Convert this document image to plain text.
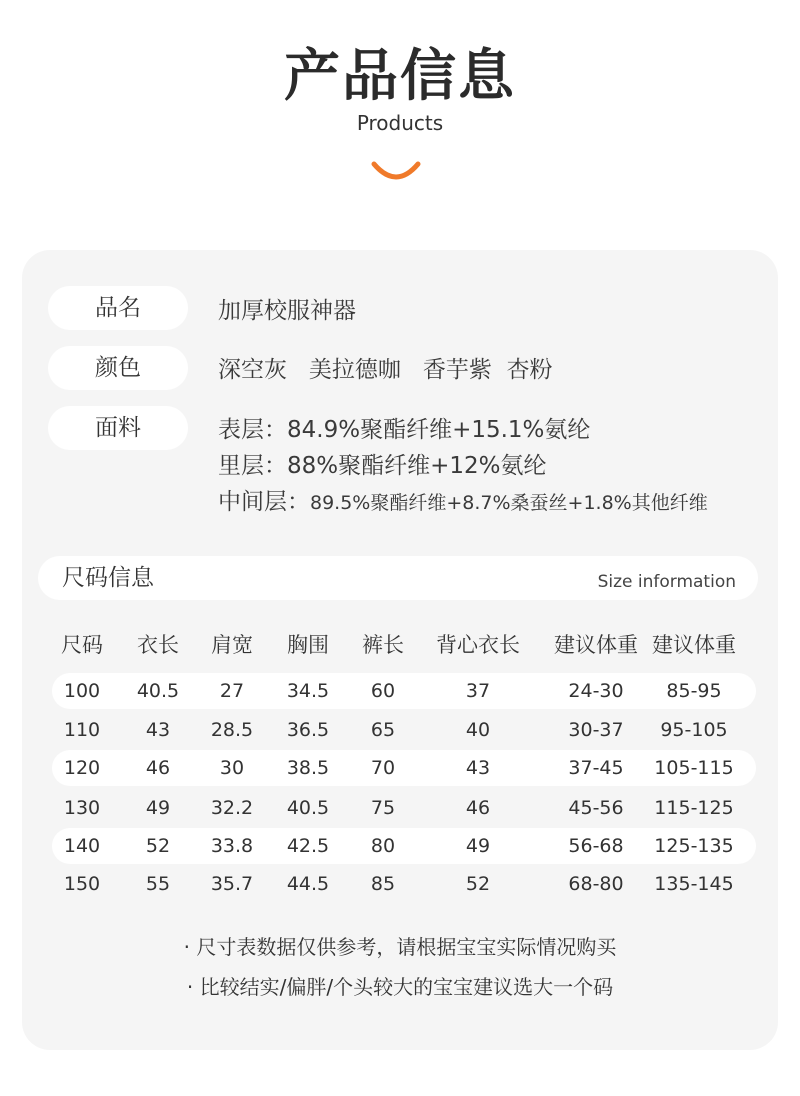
产品信息
Products
品名	加厚校服神器
颜色	深空灰   美拉德咖   香芋紫  杏粉
面料	表层：84.9%聚酯纤维+15.1%氨纶
里层：88%聚酯纤维+12%氨纶
中间层：89.5%聚酯纤维+8.7%桑蚕丝+1.8%其他纤维
尺码信息	Size information
尺码 衣长 肩宽 胸围 裤长 背心衣长 建议体重 建议体重
100 40.5 27 34.5 60	37	24-30 85-95
110 43 28.5 36.5 65	40	30-37 95-105
120 46	30 38.5 70	43	37-45 105-115
130 49 32.2 40.5 75	46	45-56 115-125
140 52 33.8 42.5 80	49	56-68 125-135
150 55 35.7 44.5 85	52	68-80 135-145
· 尺寸表数据仅供参考，请根据宝宝实际情况购买
· 比较结实/偏胖/个头较大的宝宝建议选大一个码
